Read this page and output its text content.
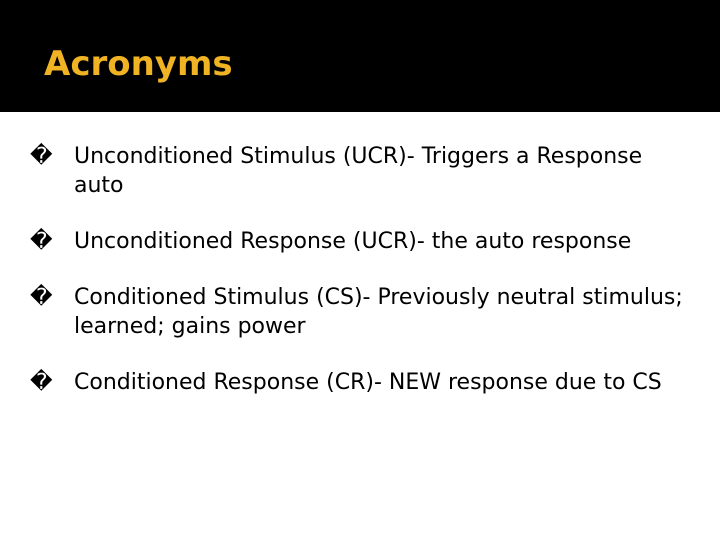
Acronyms
� Unconditioned Stimulus (UCR)- Triggers a Response auto
� Unconditioned Response (UCR)- the auto response
� Conditioned Stimulus (CS)- Previously neutral stimulus; learned; gains power
� Conditioned Response (CR)- NEW response due to CS
